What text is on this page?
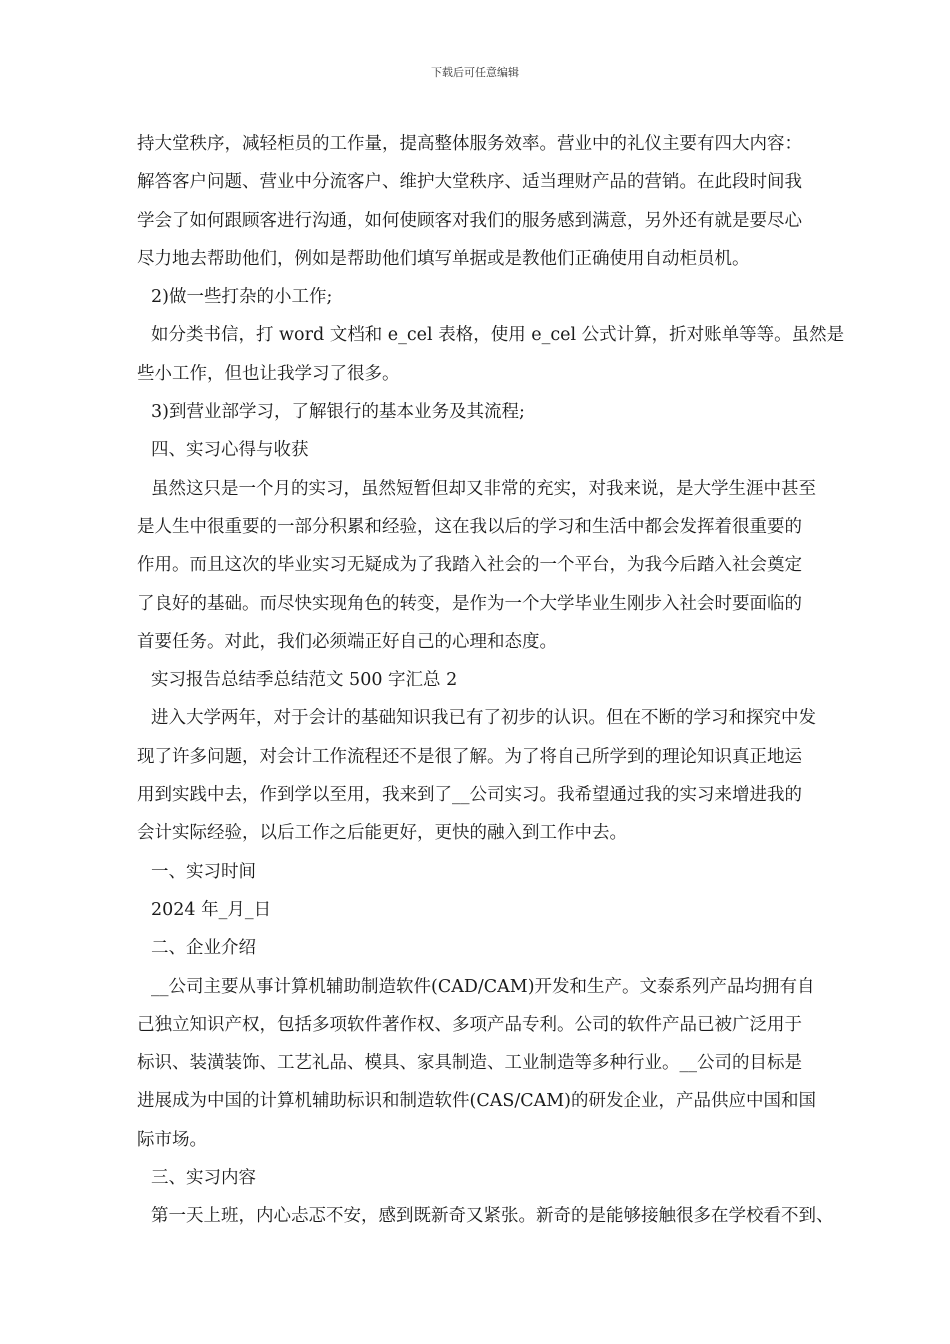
下载后可任意编辑
持大堂秩序，减轻柜员的工作量，提高整体服务效率。营业中的礼仪主要有四大内容：
解答客户问题、营业中分流客户、维护大堂秩序、适当理财产品的营销。在此段时间我
学会了如何跟顾客进行沟通，如何使顾客对我们的服务感到满意，另外还有就是要尽心
尽力地去帮助他们，例如是帮助他们填写单据或是教他们正确使用自动柜员机。
2)做一些打杂的小工作;
如分类书信，打 word 文档和 e_cel 表格，使用 e_cel 公式计算，折对账单等等。虽然是
些小工作，但也让我学习了很多。
3)到营业部学习，了解银行的基本业务及其流程;
四、实习心得与收获
虽然这只是一个月的实习，虽然短暂但却又非常的充实，对我来说，是大学生涯中甚至
是人生中很重要的一部分积累和经验，这在我以后的学习和生活中都会发挥着很重要的
作用。而且这次的毕业实习无疑成为了我踏入社会的一个平台，为我今后踏入社会奠定
了良好的基础。而尽快实现角色的转变，是作为一个大学毕业生刚步入社会时要面临的
首要任务。对此，我们必须端正好自己的心理和态度。
实习报告总结季总结范文 500 字汇总 2
进入大学两年，对于会计的基础知识我已有了初步的认识。但在不断的学习和探究中发
现了许多问题，对会计工作流程还不是很了解。为了将自己所学到的理论知识真正地运
用到实践中去，作到学以至用，我来到了__公司实习。我希望通过我的实习来增进我的
会计实际经验，以后工作之后能更好，更快的融入到工作中去。
一、实习时间
2024 年_月_日
二、企业介绍
__公司主要从事计算机辅助制造软件(CAD/CAM)开发和生产。文泰系列产品均拥有自
己独立知识产权，包括多项软件著作权、多项产品专利。公司的软件产品已被广泛用于
标识、装潢装饰、工艺礼品、模具、家具制造、工业制造等多种行业。__公司的目标是
进展成为中国的计算机辅助标识和制造软件(CAS/CAM)的研发企业，产品供应中国和国
际市场。
三、实习内容
第一天上班，内心忐忑不安，感到既新奇又紧张。新奇的是能够接触很多在学校看不到、
